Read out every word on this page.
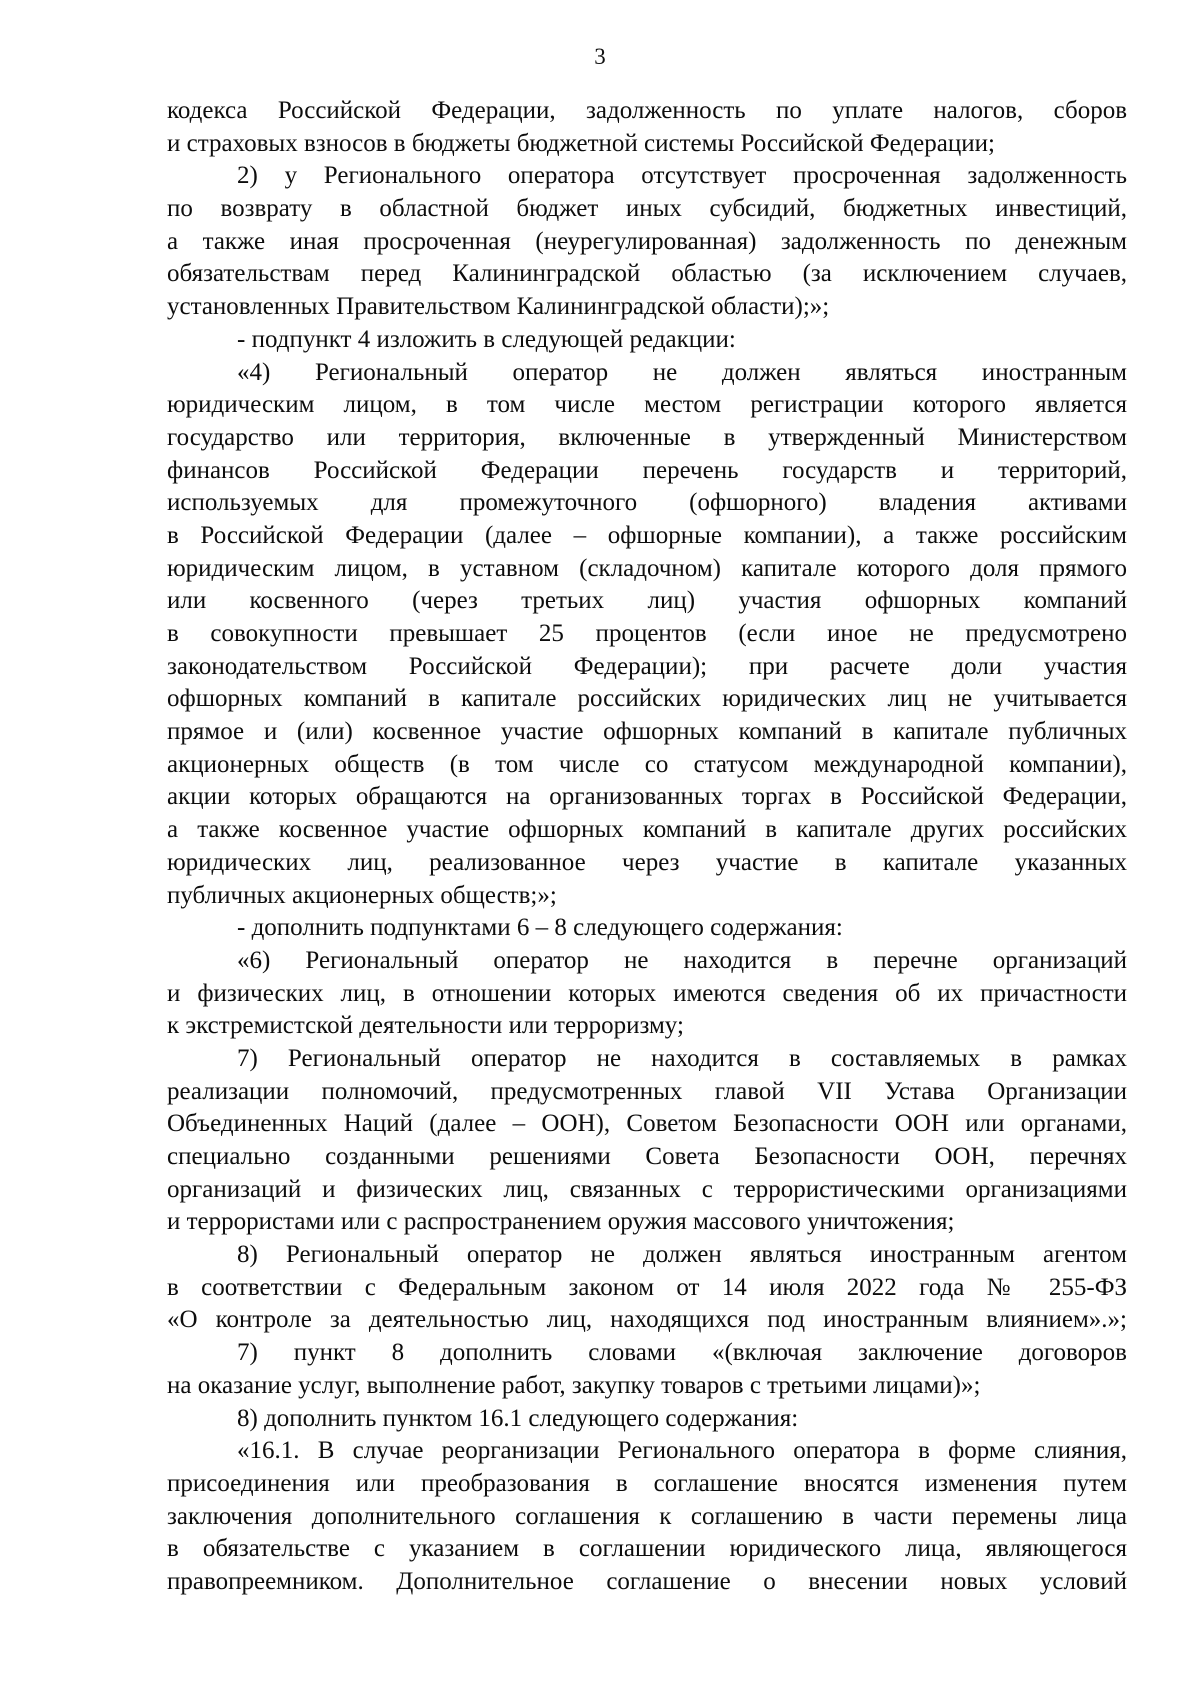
3
кодекса Российской Федерации, задолженность по уплате налогов, сборов
и страховых взносов в бюджеты бюджетной системы Российской Федерации;
2) у Регионального оператора отсутствует просроченная задолженность
по возврату в областной бюджет иных субсидий, бюджетных инвестиций,
а также иная просроченная (неурегулированная) задолженность по денежным
обязательствам перед Калининградской областью (за исключением случаев,
установленных Правительством Калининградской области);»;
- подпункт 4 изложить в следующей редакции:
«4) Региональный оператор не должен являться иностранным
юридическим лицом, в том числе местом регистрации которого является
государство или территория, включенные в утвержденный Министерством
финансов Российской Федерации перечень государств и территорий,
используемых для промежуточного (офшорного) владения активами
в Российской Федерации (далее – офшорные компании), а также российским
юридическим лицом, в уставном (складочном) капитале которого доля прямого
или косвенного (через третьих лиц) участия офшорных компаний
в совокупности превышает 25 процентов (если иное не предусмотрено
законодательством Российской Федерации); при расчете доли участия
офшорных компаний в капитале российских юридических лиц не учитывается
прямое и (или) косвенное участие офшорных компаний в капитале публичных
акционерных обществ (в том числе со статусом международной компании),
акции которых обращаются на организованных торгах в Российской Федерации,
а также косвенное участие офшорных компаний в капитале других российских
юридических лиц, реализованное через участие в капитале указанных
публичных акционерных обществ;»;
- дополнить подпунктами 6 – 8 следующего содержания:
«6) Региональный оператор не находится в перечне организаций
и физических лиц, в отношении которых имеются сведения об их причастности
к экстремистской деятельности или терроризму;
7) Региональный оператор не находится в составляемых в рамках
реализации полномочий, предусмотренных главой VII Устава Организации
Объединенных Наций (далее – ООН), Советом Безопасности ООН или органами,
специально созданными решениями Совета Безопасности ООН, перечнях
организаций и физических лиц, связанных с террористическими организациями
и террористами или с распространением оружия массового уничтожения;
8) Региональный оператор не должен являться иностранным агентом
в соответствии с Федеральным законом от 14 июля 2022 года № 255-ФЗ
«О контроле за деятельностью лиц, находящихся под иностранным влиянием».»;
7) пункт 8 дополнить словами «(включая заключение договоров
на оказание услуг, выполнение работ, закупку товаров с третьими лицами)»;
8) дополнить пунктом 16.1 следующего содержания:
«16.1. В случае реорганизации Регионального оператора в форме слияния,
присоединения или преобразования в соглашение вносятся изменения путем
заключения дополнительного соглашения к соглашению в части перемены лица
в обязательстве с указанием в соглашении юридического лица, являющегося
правопреемником. Дополнительное соглашение о внесении новых условий
